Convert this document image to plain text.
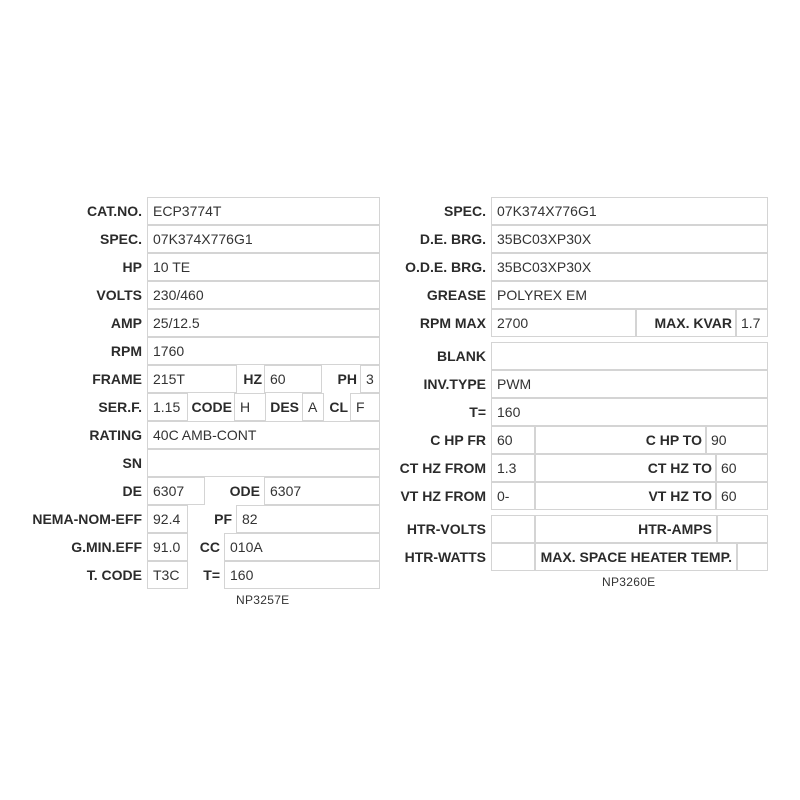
CAT.NO. ECP3774T
SPEC. 07K374X776G1
HP 10 TE
VOLTS 230/460
AMP 25/12.5
RPM 1760
FRAME 215T	HZ 60	PH 3
SER.F. 1.15 CODE H	DES A CL F
RATING 40C AMB-CONT
SN
DE 6307	ODE 6307
NEMA-NOM-EFF 92.4	PF 82
G.MIN.EFF 91.0	CC 010A
T. CODE T3C	T= 160
NP3257E
SPEC. 07K374X776G1
D.E. BRG. 35BC03XP30X
O.D.E. BRG. 35BC03XP30X
GREASE POLYREX EM
RPM MAX 2700	MAX. KVAR 1.7
BLANK
INV.TYPE PWM
T= 160
C HP FR 60	C HP TO 90
CT HZ FROM 1.3	CT HZ TO 60
VT HZ FROM 0-	VT HZ TO 60
HTR-VOLTS	HTR-AMPS
HTR-WATTS	MAX. SPACE HEATER TEMP.
NP3260E
